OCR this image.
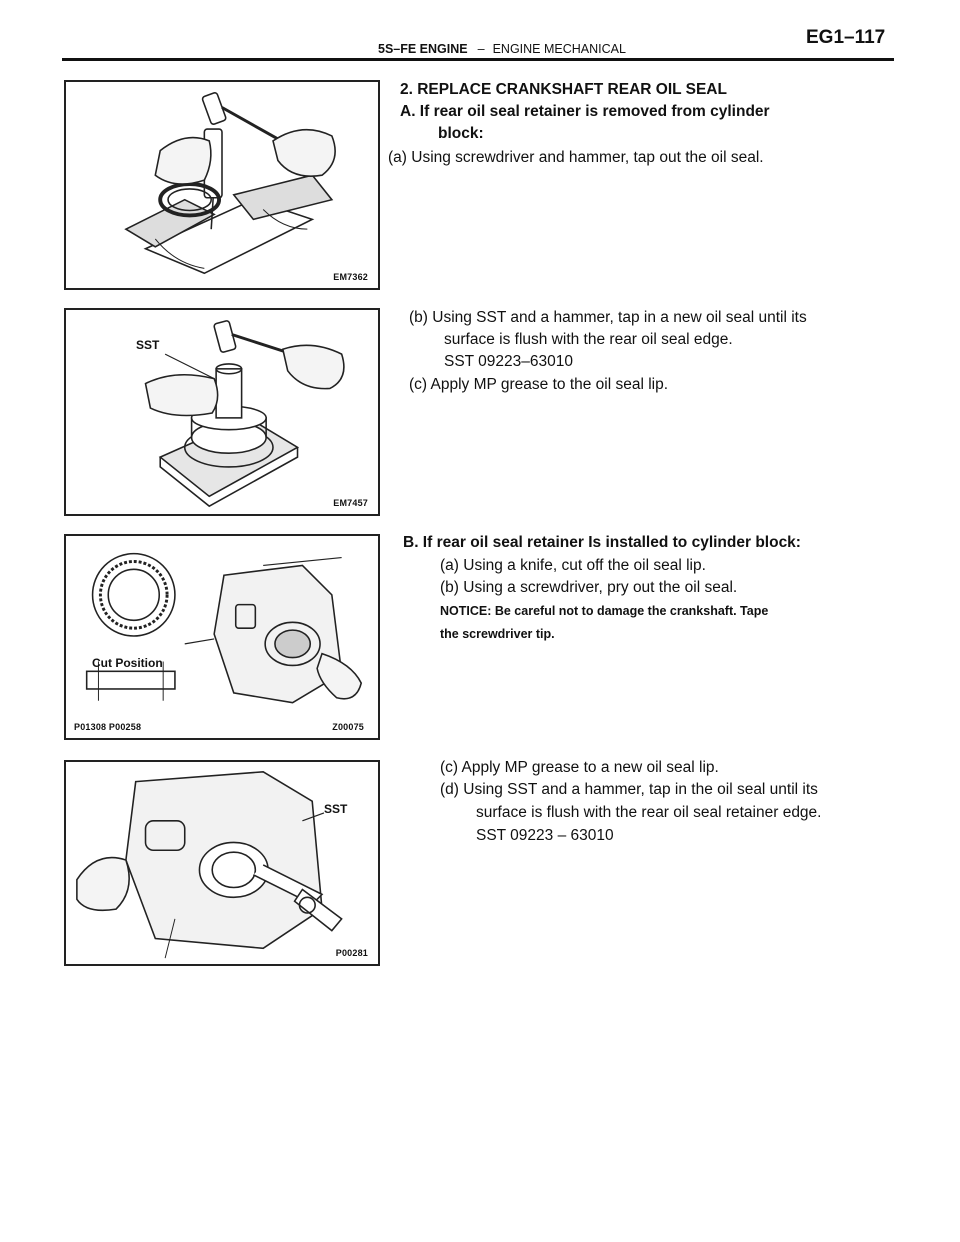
5S–FE ENGINE – ENGINE MECHANICAL
EG1–117
EM7362
SST
EM7457
Cut Position
P01308 P00258	Z00075
SST
P00281
2. REPLACE CRANKSHAFT REAR OIL SEAL
A. If rear oil seal retainer is removed from cylinder
block:
(a) Using screwdriver and hammer, tap out the oil seal.
(b) Using SST and a hammer, tap in a new oil seal until its
surface is flush with the rear oil seal edge.
SST 09223–63010
(c) Apply MP grease to the oil seal lip.
B. If rear oil seal retainer Is installed to cylinder block:
(a) Using a knife, cut off the oil seal lip.
(b) Using a screwdriver, pry out the oil seal.
NOTICE: Be careful not to damage the crankshaft. Tape
the screwdriver tip.
(c) Apply MP grease to a new oil seal lip.
(d) Using SST and a hammer, tap in the oil seal until its
surface is flush with the rear oil seal retainer edge.
SST 09223 – 63010
